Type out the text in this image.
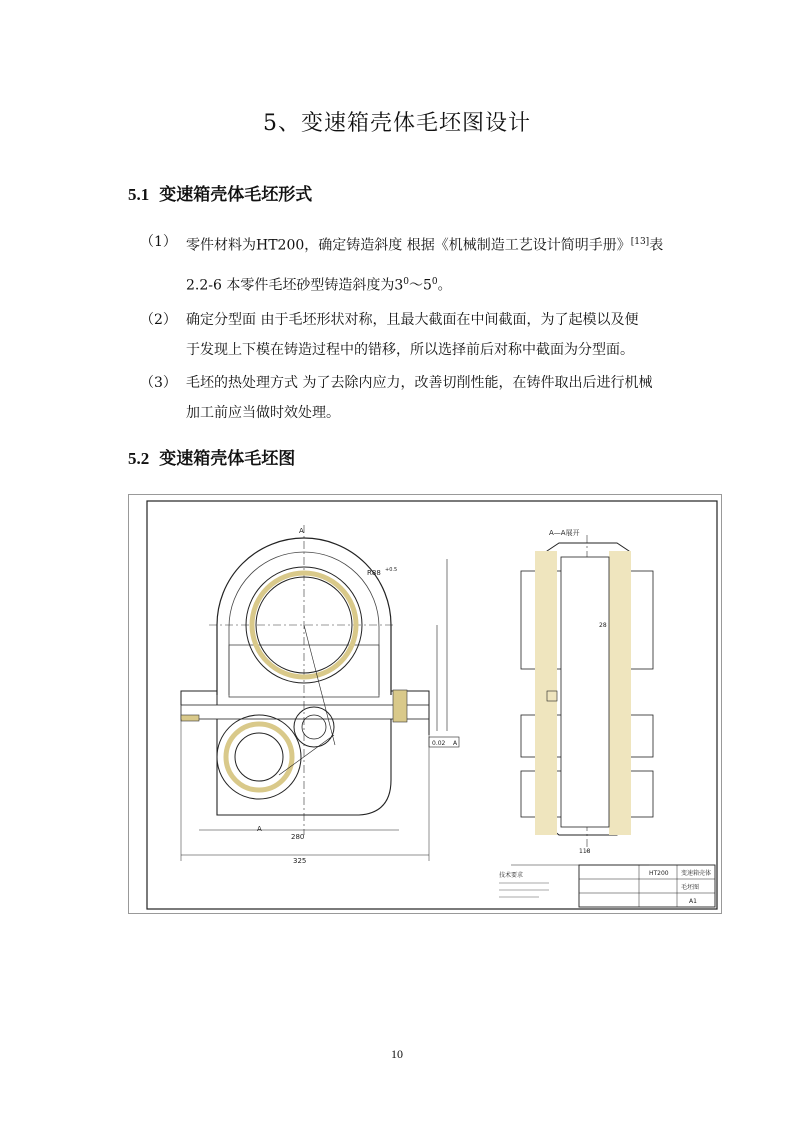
5、变速箱壳体毛坯图设计
5.1 变速箱壳体毛坯形式
（1） 零件材料为HT200，确定铸造斜度 根据《机械制造工艺设计简明手册》[13]表
2.2-6 本零件毛坯砂型铸造斜度为$3^0\sim 5^0$。
（2） 确定分型面 由于毛坯形状对称，且最大截面在中间截面，为了起模以及便
于发现上下模在铸造过程中的错移，所以选择前后对称中截面为分型面。
（3） 毛坯的热处理方式 为了去除内应力，改善切削性能，在铸件取出后进行机械
加工前应当做时效处理。
5.2 变速箱壳体毛坯图
A
A
R88 +0.5
280
325
0.02 A
A—A展开
28
118
技术要求	HT200 变速箱壳体
毛坯图
A1
10
